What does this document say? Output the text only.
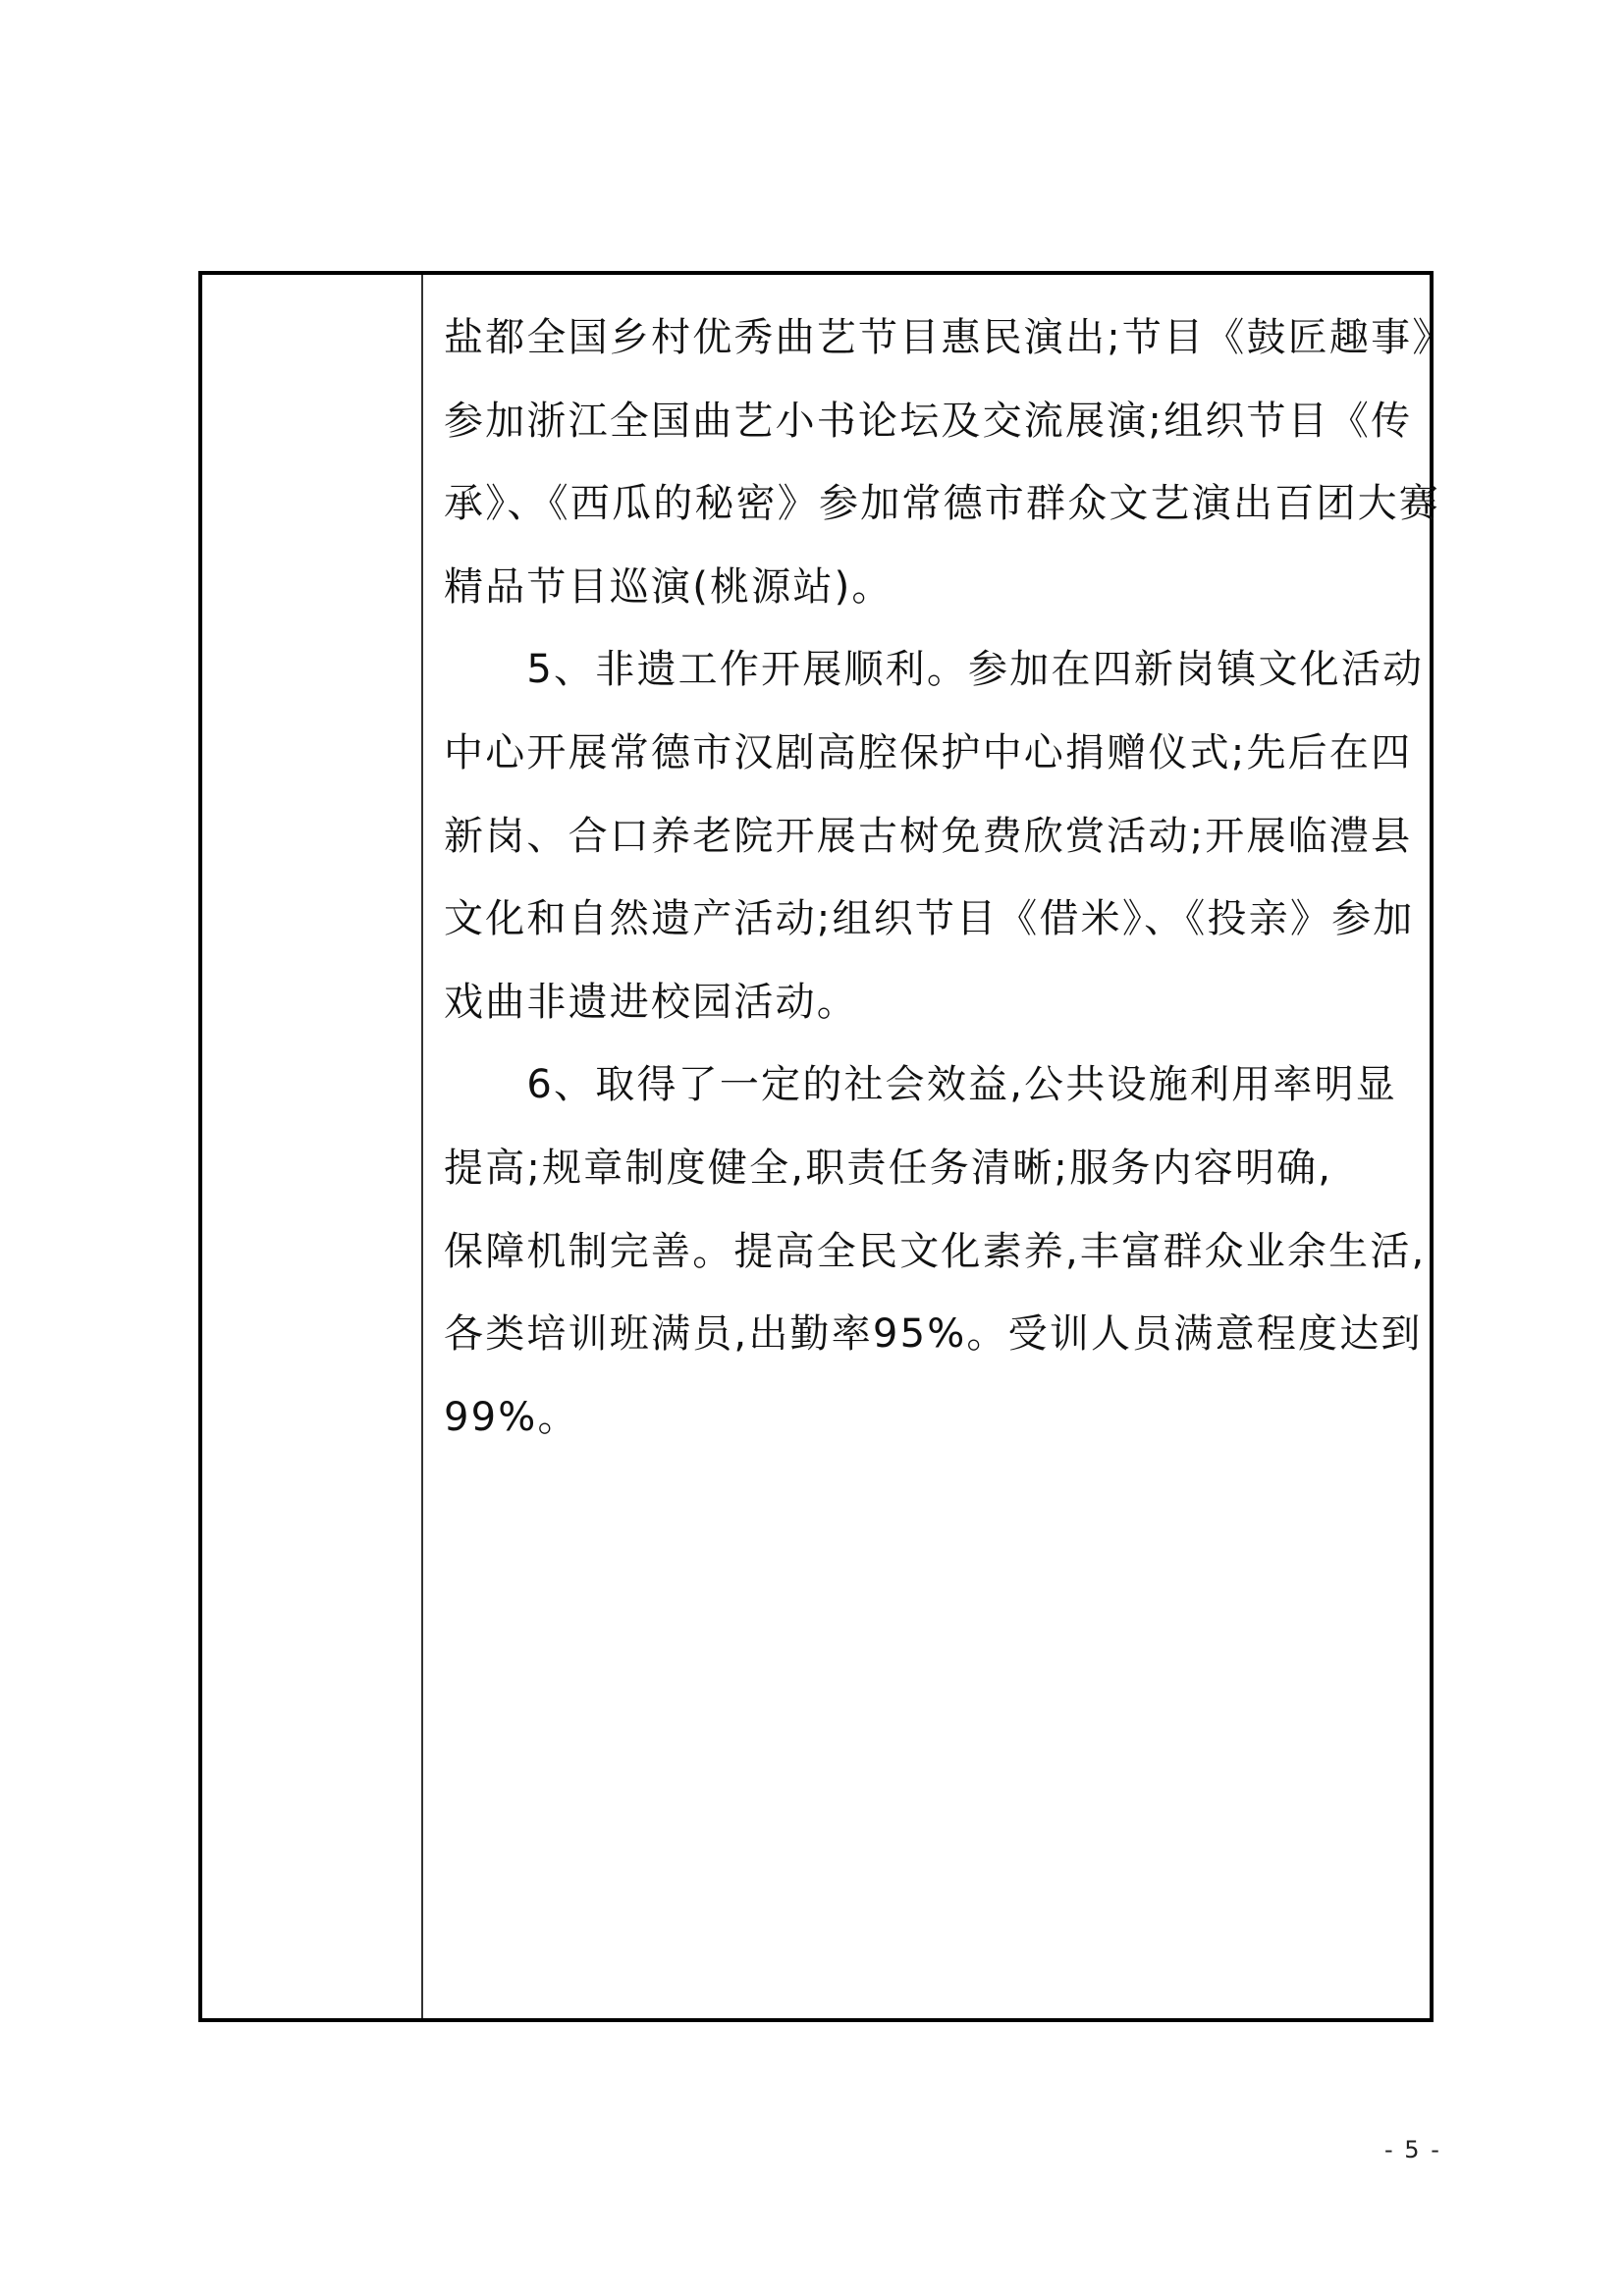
盐都全国乡村优秀曲艺节目惠民演出;节目《鼓匠趣事》

参加浙江全国曲艺小书论坛及交流展演;组织节目《传

承》、《西瓜的秘密》参加常德市群众文艺演出百团大赛

精品节目巡演(桃源站)。

　　5、非遗工作开展顺利。参加在四新岗镇文化活动

中心开展常德市汉剧高腔保护中心捐赠仪式;先后在四

新岗、合口养老院开展古树免费欣赏活动;开展临澧县

文化和自然遗产活动;组织节目《借米》、《投亲》参加

戏曲非遗进校园活动。

　　6、取得了一定的社会效益,公共设施利用率明显

提高;规章制度健全,职责任务清晰;服务内容明确,

保障机制完善。提高全民文化素养,丰富群众业余生活,

各类培训班满员,出勤率95%。受训人员满意程度达到

99%。

- 5 -
